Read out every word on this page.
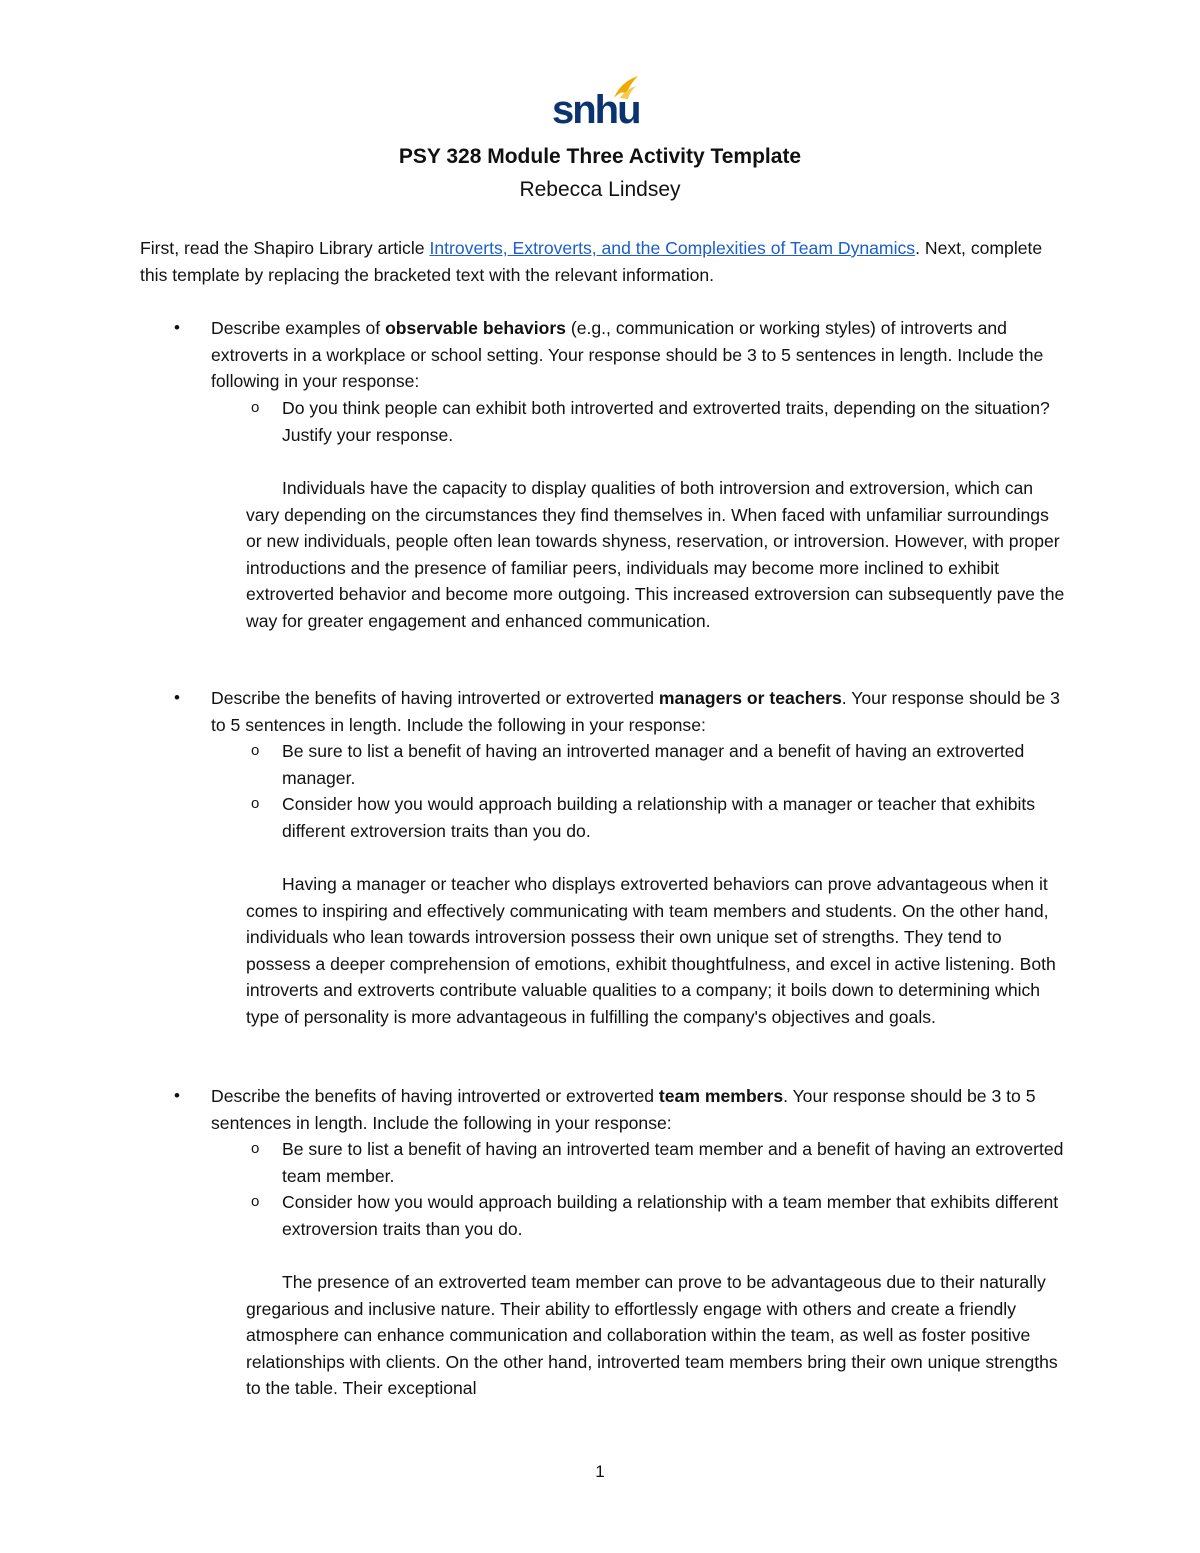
snhu
PSY 328 Module Three Activity Template
Rebecca Lindsey
First, read the Shapiro Library article Introverts, Extroverts, and the Complexities of Team Dynamics. Next, complete this template by replacing the bracketed text with the relevant information.
• Describe examples of observable behaviors (e.g., communication or working styles) of introverts and extroverts in a workplace or school setting. Your response should be 3 to 5 sentences in length. Include the following in your response:
o Do you think people can exhibit both introverted and extroverted traits, depending on the situation? Justify your response.
Individuals have the capacity to display qualities of both introversion and extroversion, which can vary depending on the circumstances they find themselves in. When faced with unfamiliar surroundings or new individuals, people often lean towards shyness, reservation, or introversion. However, with proper introductions and the presence of familiar peers, individuals may become more inclined to exhibit extroverted behavior and become more outgoing. This increased extroversion can subsequently pave the way for greater engagement and enhanced communication.
• Describe the benefits of having introverted or extroverted managers or teachers. Your response should be 3 to 5 sentences in length. Include the following in your response:
o Be sure to list a benefit of having an introverted manager and a benefit of having an extroverted manager.
o Consider how you would approach building a relationship with a manager or teacher that exhibits different extroversion traits than you do.
Having a manager or teacher who displays extroverted behaviors can prove advantageous when it comes to inspiring and effectively communicating with team members and students. On the other hand, individuals who lean towards introversion possess their own unique set of strengths. They tend to possess a deeper comprehension of emotions, exhibit thoughtfulness, and excel in active listening. Both introverts and extroverts contribute valuable qualities to a company; it boils down to determining which type of personality is more advantageous in fulfilling the company's objectives and goals.
• Describe the benefits of having introverted or extroverted team members. Your response should be 3 to 5 sentences in length. Include the following in your response:
o Be sure to list a benefit of having an introverted team member and a benefit of having an extroverted team member.
o Consider how you would approach building a relationship with a team member that exhibits different extroversion traits than you do.
The presence of an extroverted team member can prove to be advantageous due to their naturally gregarious and inclusive nature. Their ability to effortlessly engage with others and create a friendly atmosphere can enhance communication and collaboration within the team, as well as foster positive relationships with clients. On the other hand, introverted team members bring their own unique strengths to the table. Their exceptional
1
